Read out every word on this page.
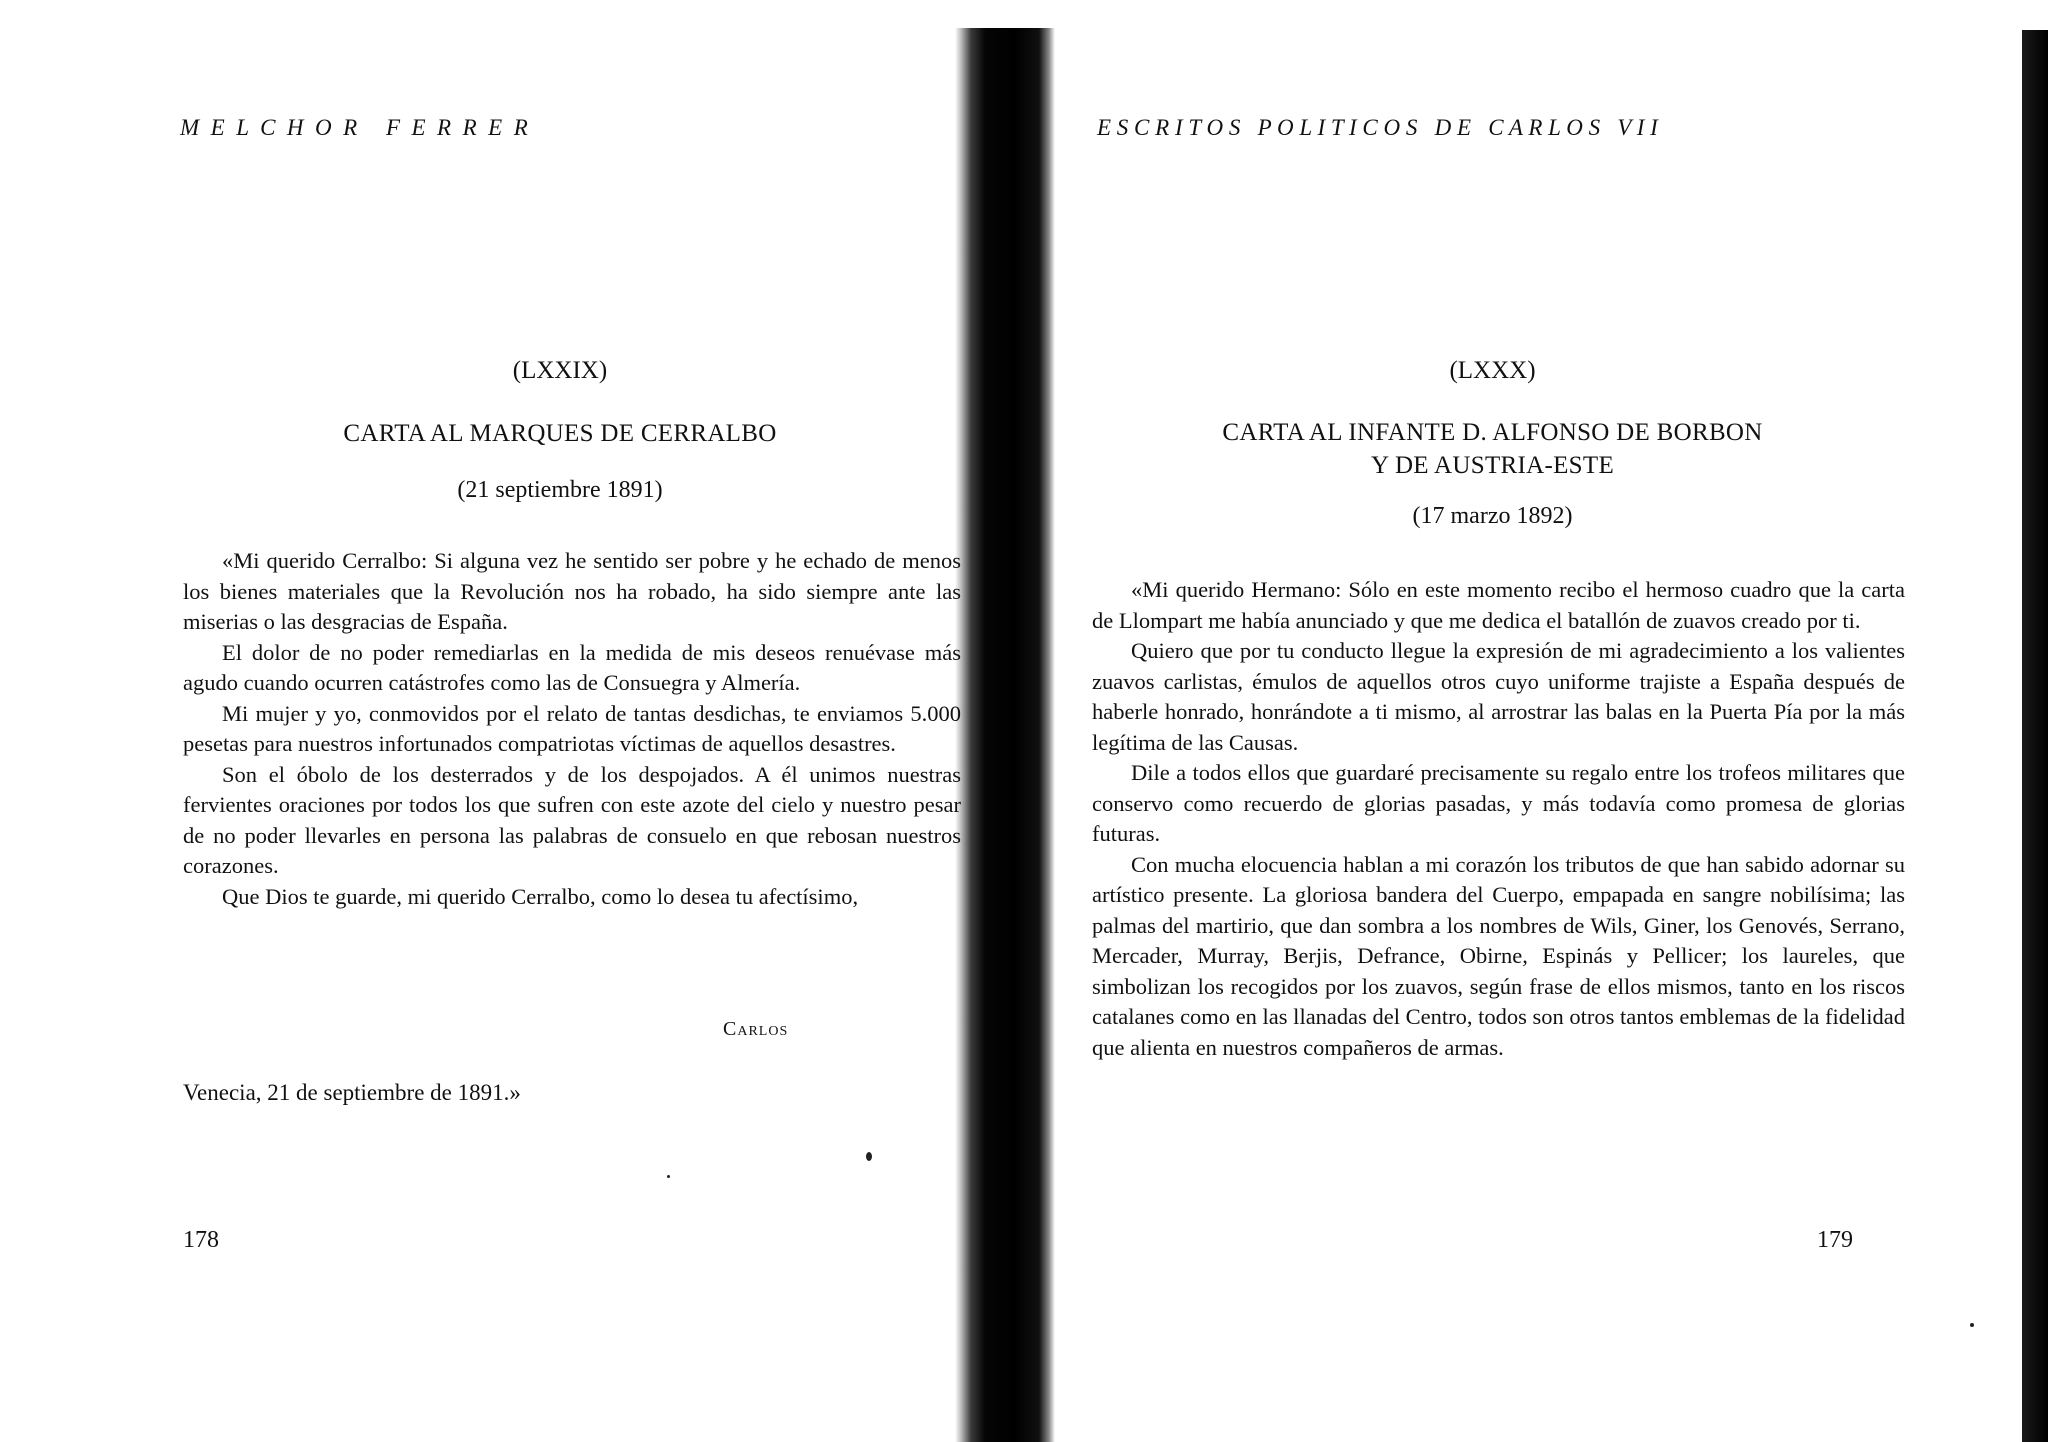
M  E  L  C  H  O  R     F  E  R  R  E  R

(LXXIX)

CARTA AL MARQUES DE CERRALBO

(21 septiembre 1891)

«Mi querido Cerralbo: Si alguna vez he sentido ser pobre y he echado de menos los bienes materiales que la Revolución nos ha robado, ha sido siempre ante las miserias o las desgracias de España.

El dolor de no poder remediarlas en la medida de mis deseos renuévase más agudo cuando ocurren catástrofes como las de Consuegra y Almería.

Mi mujer y yo, conmovidos por el relato de tantas desdichas, te enviamos 5.000 pesetas para nuestros infortunados compatriotas víctimas de aquellos desastres.

Son el óbolo de los desterrados y de los despojados. A él unimos nuestras fervientes oraciones por todos los que sufren con este azote del cielo y nuestro pesar de no poder llevarles en persona las palabras de consuelo en que rebosan nuestros corazones.

Que Dios te guarde, mi querido Cerralbo, como lo desea tu afectísimo,

Carlos

Venecia, 21 de septiembre de 1891.»

178

E S C R I T O S   P O L I T I C O S   D E   C A R L O S   V I I

(LXXX)

CARTA AL INFANTE D. ALFONSO DE BORBON

Y DE AUSTRIA-ESTE

(17 marzo 1892)

«Mi querido Hermano: Sólo en este momento recibo el hermoso cuadro que la carta de Llompart me había anunciado y que me dedica el batallón de zuavos creado por ti.

Quiero que por tu conducto llegue la expresión de mi agradecimiento a los valientes zuavos carlistas, émulos de aquellos otros cuyo uniforme trajiste a España después de haberle honrado, honrándote a ti mismo, al arrostrar las balas en la Puerta Pía por la más legítima de las Causas.

Dile a todos ellos que guardaré precisamente su regalo entre los trofeos militares que conservo como recuerdo de glorias pasadas, y más todavía como promesa de glorias futuras.

Con mucha elocuencia hablan a mi corazón los tributos de que han sabido adornar su artístico presente. La gloriosa bandera del Cuerpo, empapada en sangre nobilísima; las palmas del martirio, que dan sombra a los nombres de Wils, Giner, los Genovés, Serrano, Mercader, Murray, Berjis, Defrance, Obirne, Espinás y Pellicer; los laureles, que simbolizan los recogidos por los zuavos, según frase de ellos mismos, tanto en los riscos catalanes como en las llanadas del Centro, todos son otros tantos emblemas de la fidelidad que alienta en nuestros compañeros de armas.

179
